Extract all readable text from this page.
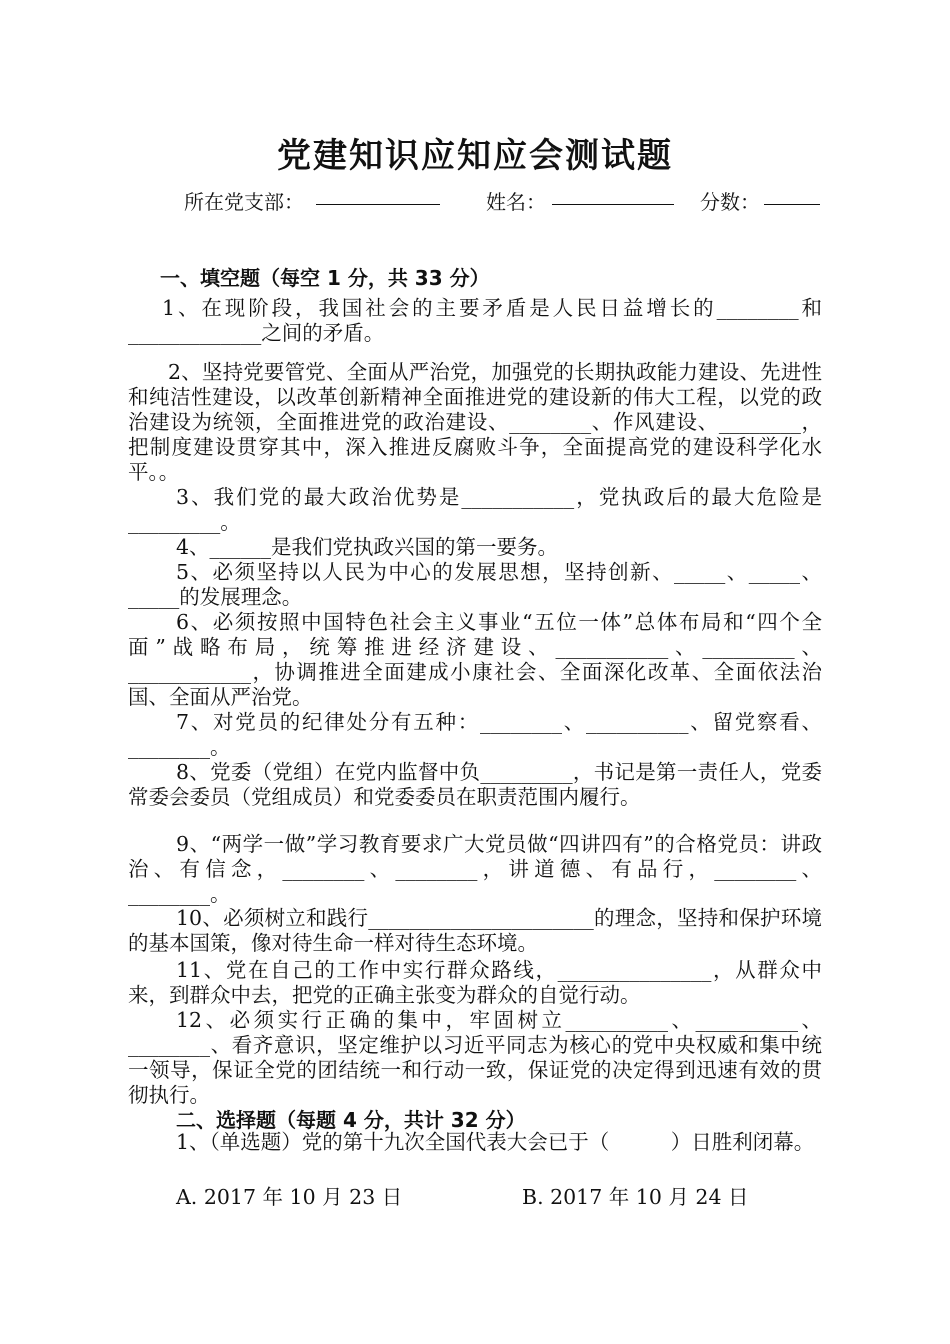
党建知识应知应会测试题
所在党支部：	姓名：	分数：
一、填空题（每空 1 分，共 33 分）
1、在现阶段，我国社会的主要矛盾是人民日益增长的________和_____________之间的矛盾。
2、坚持党要管党、全面从严治党，加强党的长期执政能力建设、先进性和纯洁性建设，以改革创新精神全面推进党的建设新的伟大工程，以党的政治建设为统领，全面推进党的政治建设、________、作风建设、________，把制度建设贯穿其中，深入推进反腐败斗争，全面提高党的建设科学化水平。。
3、我们党的最大政治优势是___________，党执政后的最大危险是_________。
4、______是我们党执政兴国的第一要务。
5、必须坚持以人民为中心的发展思想，坚持创新、_____、_____、_____的发展理念。
6、必须按照中国特色社会主义事业“五位一体”总体布局和“四个全面”战略布局，统筹推进经济建设、___________、_________、____________，协调推进全面建成小康社会、全面深化改革、全面依法治国、全面从严治党。
7、对党员的纪律处分有五种：________、__________、留党察看、________。
8、党委（党组）在党内监督中负_________，书记是第一责任人，党委常委会委员（党组成员）和党委委员在职责范围内履行。
9、“两学一做”学习教育要求广大党员做“四讲四有”的合格党员：讲政治、有信念，________、________，讲道德、有品行，________、________。
10、必须树立和践行______________________的理念，坚持和保护环境的基本国策，像对待生命一样对待生态环境。
11、党在自己的工作中实行群众路线，_______________，从群众中来，到群众中去，把党的正确主张变为群众的自觉行动。
12、必须实行正确的集中，牢固树立__________、__________、________、看齐意识，坚定维护以习近平同志为核心的党中央权威和集中统一领导，保证全党的团结统一和行动一致，保证党的决定得到迅速有效的贯彻执行。
二、选择题（每题 4 分，共计 32 分）
1、（单选题）党的第十九次全国代表大会已于（　　　）日胜利闭幕。
A. 2017 年 10 月 23 日	B. 2017 年 10 月 24 日
